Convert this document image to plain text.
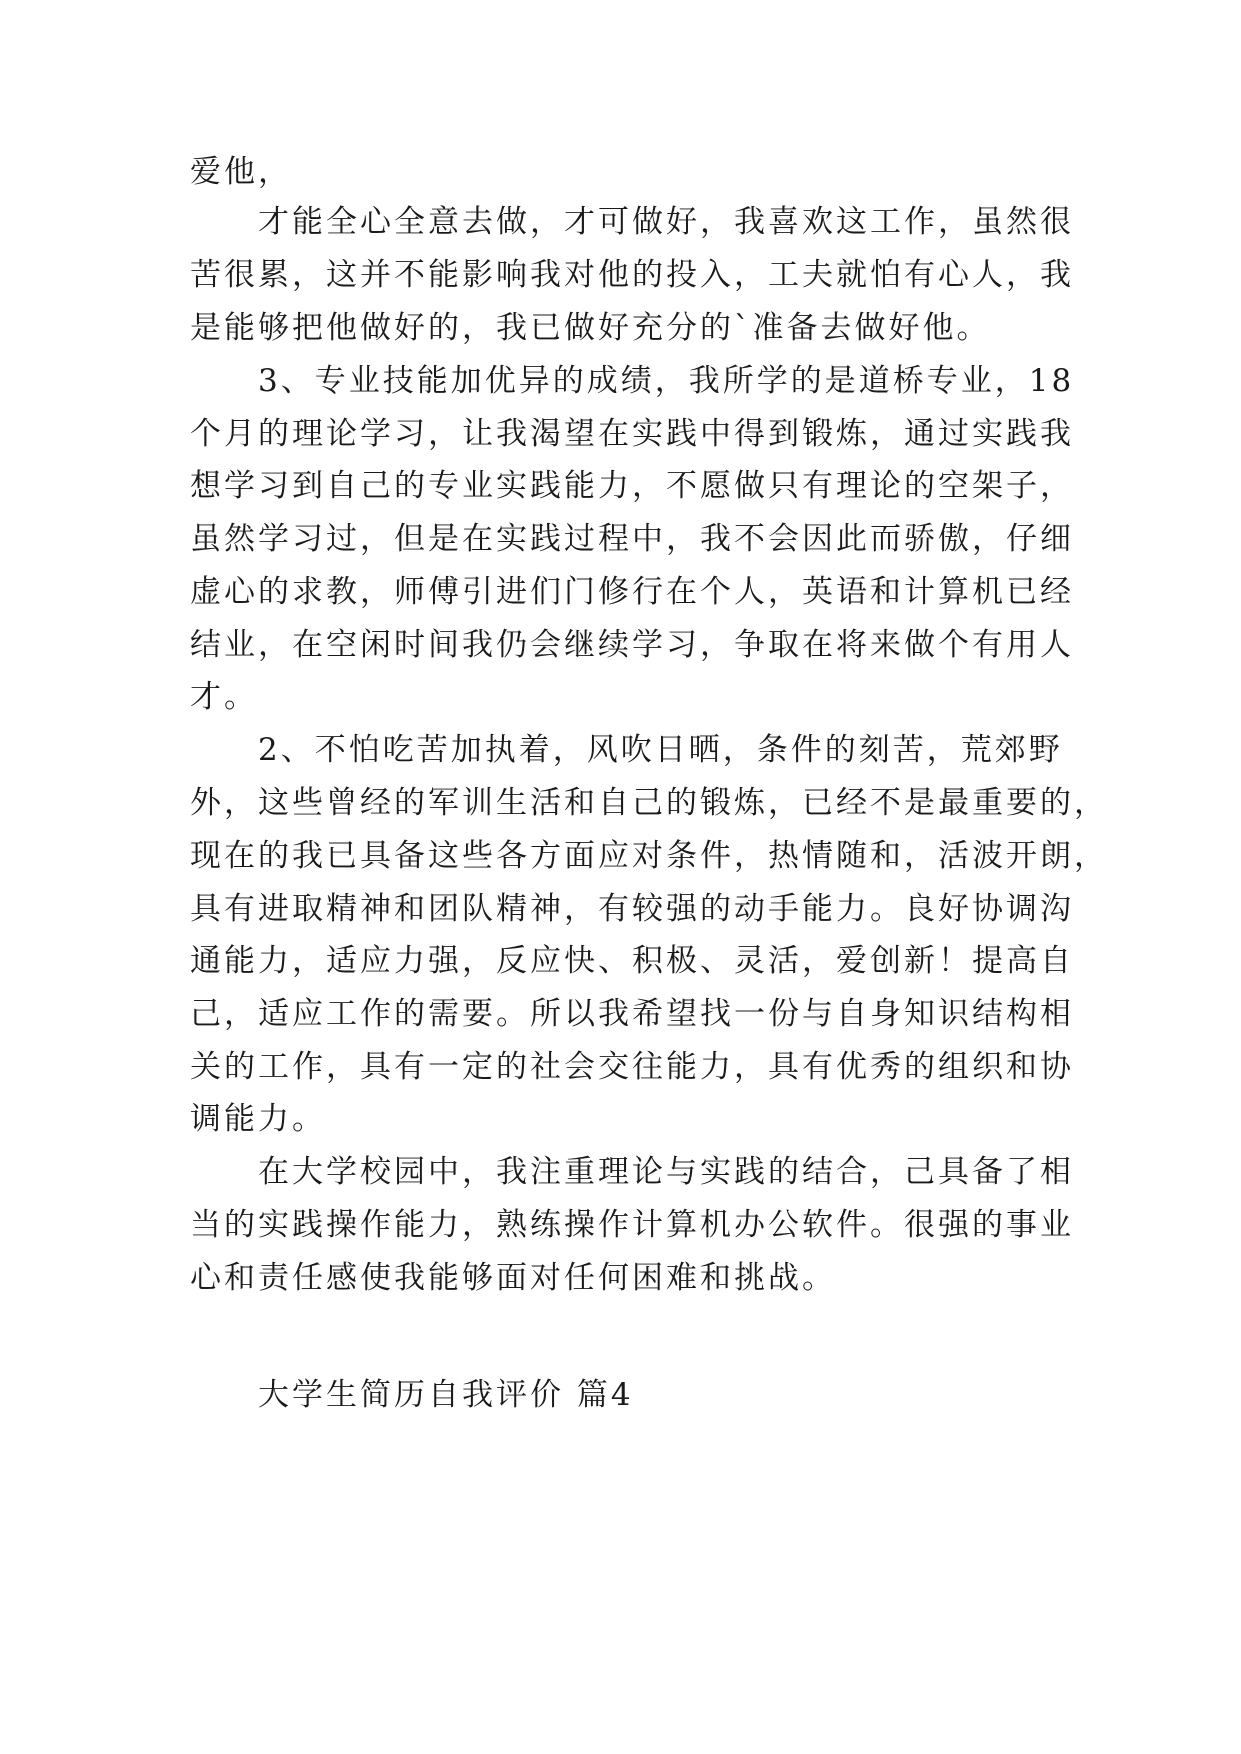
爱他，
才能全心全意去做，才可做好，我喜欢这工作，虽然很
苦很累，这并不能影响我对他的投入，工夫就怕有心人，我
是能够把他做好的，我已做好充分的`准备去做好他。
3、专业技能加优异的成绩，我所学的是道桥专业，18
个月的理论学习，让我渴望在实践中得到锻炼，通过实践我
想学习到自己的专业实践能力，不愿做只有理论的空架子，
虽然学习过，但是在实践过程中，我不会因此而骄傲，仔细
虚心的求教，师傅引进们门修行在个人，英语和计算机已经
结业，在空闲时间我仍会继续学习，争取在将来做个有用人
才。
2、不怕吃苦加执着，风吹日晒，条件的刻苦，荒郊野
外，这些曾经的军训生活和自己的锻炼，已经不是最重要的，
现在的我已具备这些各方面应对条件，热情随和，活波开朗，
具有进取精神和团队精神，有较强的动手能力。良好协调沟
通能力，适应力强，反应快、积极、灵活，爱创新！提高自
己，适应工作的需要。所以我希望找一份与自身知识结构相
关的工作，具有一定的社会交往能力，具有优秀的组织和协
调能力。
在大学校园中，我注重理论与实践的结合，己具备了相
当的实践操作能力，熟练操作计算机办公软件。很强的事业
心和责任感使我能够面对任何困难和挑战。
大学生简历自我评价 篇4
